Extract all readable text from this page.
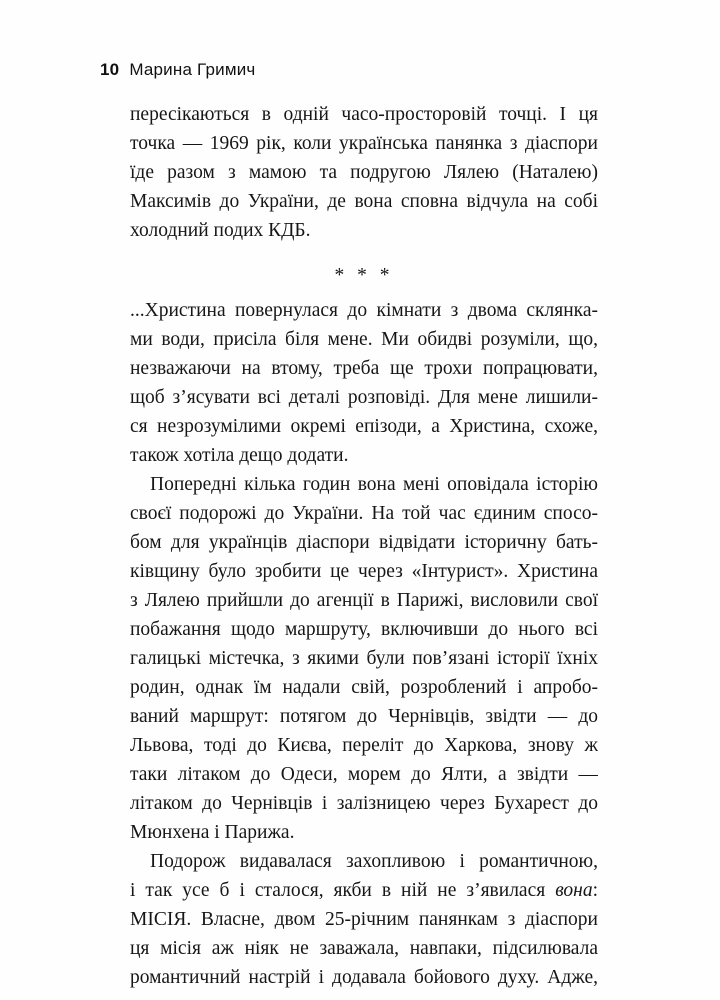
10 Марина Гримич
пересікаються в одній часо-просторовій точці. І ця
точка — 1969 рік, коли українська панянка з діаспори
їде разом з мамою та подругою Лялею (Наталею)
Максимів до України, де вона сповна відчула на собі
холодний подих КДБ.
* * *
...Христина повернулася до кімнати з двома склянка-
ми води, присіла біля мене. Ми обидві розуміли, що,
незважаючи на втому, треба ще трохи попрацювати,
щоб з’ясувати всі деталі розповіді. Для мене лишили-
ся незрозумілими окремі епізоди, а Христина, схоже,
також хотіла дещо додати.
Попередні кілька годин вона мені оповідала історію
своєї подорожі до України. На той час єдиним спосо-
бом для українців діаспори відвідати історичну бать-
ківщину було зробити це через «Інтурист». Христина
з Лялею прийшли до агенції в Парижі, висловили свої
побажання щодо маршруту, включивши до нього всі
галицькі містечка, з якими були пов’язані історії їхніх
родин, однак їм надали свій, розроблений і апробо-
ваний маршрут: потягом до Чернівців, звідти — до
Львова, тоді до Києва, переліт до Харкова, знову ж
таки літаком до Одеси, морем до Ялти, а звідти —
літаком до Чернівців і залізницею через Бухарест до
Мюнхена і Парижа.
Подорож видавалася захопливою і романтичною,
і так усе б і сталося, якби в ній не з’явилася вона:
МІСІЯ. Власне, двом 25-річним панянкам з діаспори
ця місія аж ніяк не заважала, навпаки, підсилювала
романтичний настрій і додавала бойового духу. Адже,
